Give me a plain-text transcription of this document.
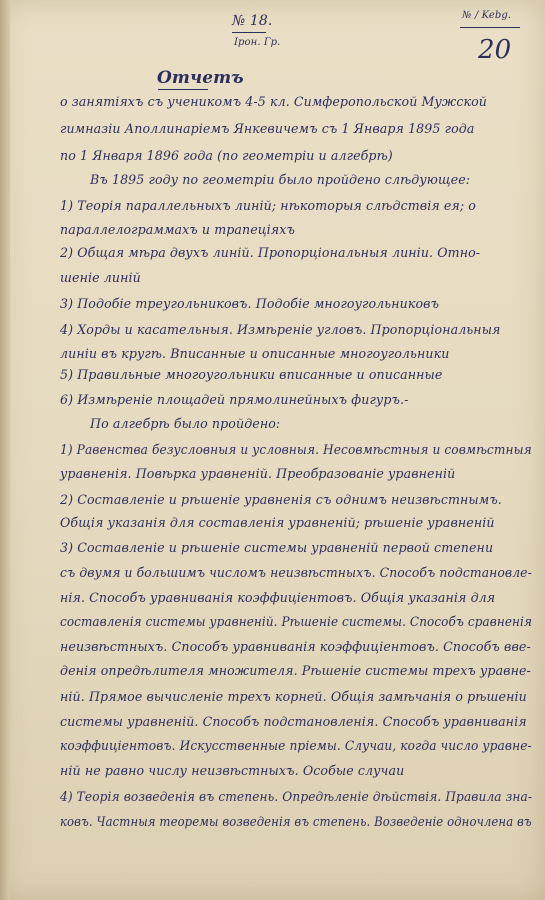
№ 18.
Ірон. Гр.
№ / Kebg.
20
Отчетъ
о занятіяхъ съ ученикомъ 4-5 кл. Симферопольской Мужской
гимназіи Аполлинаріемъ Янкевичемъ съ 1 Января 1895 года
по 1 Января 1896 года (по геометріи и алгебрѣ)
Въ 1895 году по геометріи было пройдено слѣдующее:
1) Теорія параллельныхъ линій; нѣкоторыя слѣдствія ея; о
параллелограммахъ и трапеціяхъ
2) Общая мѣра двухъ линій. Пропорціональныя линіи. Отно-
шеніе линій
3) Подобіе треугольниковъ. Подобіе многоугольниковъ
4) Хорды и касательныя. Измѣреніе угловъ. Пропорціональныя
линіи въ кругѣ. Вписанные и описанные многоугольники
5) Правильные многоугольники вписанные и описанные
6) Измѣреніе площадей прямолинейныхъ фигуръ.-
По алгебрѣ было пройдено:
1) Равенства безусловныя и условныя. Несовмѣстныя и совмѣстныя
уравненія. Повѣрка уравненій. Преобразованіе уравненій
2) Составленіе и рѣшеніе уравненія съ однимъ неизвѣстнымъ.
Общія указанія для составленія уравненій; рѣшеніе уравненій
3) Составленіе и рѣшеніе системы уравненій первой степени
съ двумя и большимъ числомъ неизвѣстныхъ. Способъ подстановле-
нія. Способъ уравниванія коэффиціентовъ. Общія указанія для
составленія системы уравненій. Рѣшеніе системы. Способъ сравненія
неизвѣстныхъ. Способъ уравниванія коэффиціентовъ. Способъ вве-
денія опредѣлителя множителя. Рѣшеніе системы трехъ уравне-
ній. Прямое вычисленіе трехъ корней. Общія замѣчанія о рѣшеніи
системы уравненій. Способъ подстановленія. Способъ уравниванія
коэффиціентовъ. Искусственные пріемы. Случаи, когда число уравне-
ній не равно числу неизвѣстныхъ. Особые случаи
4) Теорія возведенія въ степень. Опредѣленіе дѣйствія. Правила зна-
ковъ. Частныя теоремы возведенія въ степень. Возведеніе одночлена въ
